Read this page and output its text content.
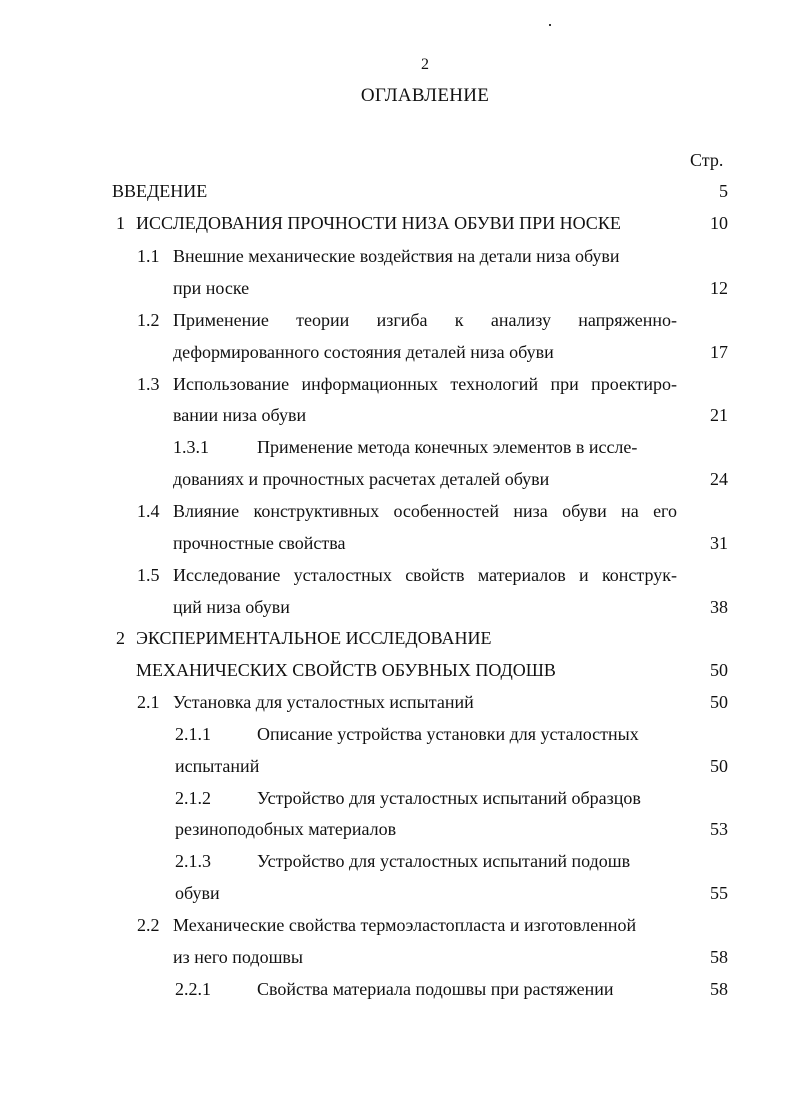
2
ОГЛАВЛЕНИЕ
Стр.
ВВЕДЕНИЕ	5
1 ИССЛЕДОВАНИЯ ПРОЧНОСТИ НИЗА ОБУВИ ПРИ НОСКЕ	10
1.1 Внешние механические воздействия на детали низа обуви
при носке	12
1.2 Применение теории изгиба к анализу напряженно-
деформированного состояния деталей низа обуви	17
1.3 Использование информационных технологий при проектиро-
вании низа обуви	21
1.3.1	Применение метода конечных элементов в иссле-
дованиях и прочностных расчетах деталей обуви	24
1.4 Влияние конструктивных особенностей низа обуви на его
прочностные свойства	31
1.5 Исследование усталостных свойств материалов и конструк-
ций низа обуви	38
2 ЭКСПЕРИМЕНТАЛЬНОЕ ИССЛЕДОВАНИЕ
МЕХАНИЧЕСКИХ СВОЙСТВ ОБУВНЫХ ПОДОШВ	50
2.1 Установка для усталостных испытаний	50
2.1.1	Описание устройства установки для усталостных
испытаний	50
2.1.2	Устройство для усталостных испытаний образцов
резиноподобных материалов	53
2.1.3	Устройство для усталостных испытаний подошв
обуви	55
2.2 Механические свойства термоэластопласта и изготовленной
из него подошвы	58
2.2.1	Свойства материала подошвы при растяжении	58
